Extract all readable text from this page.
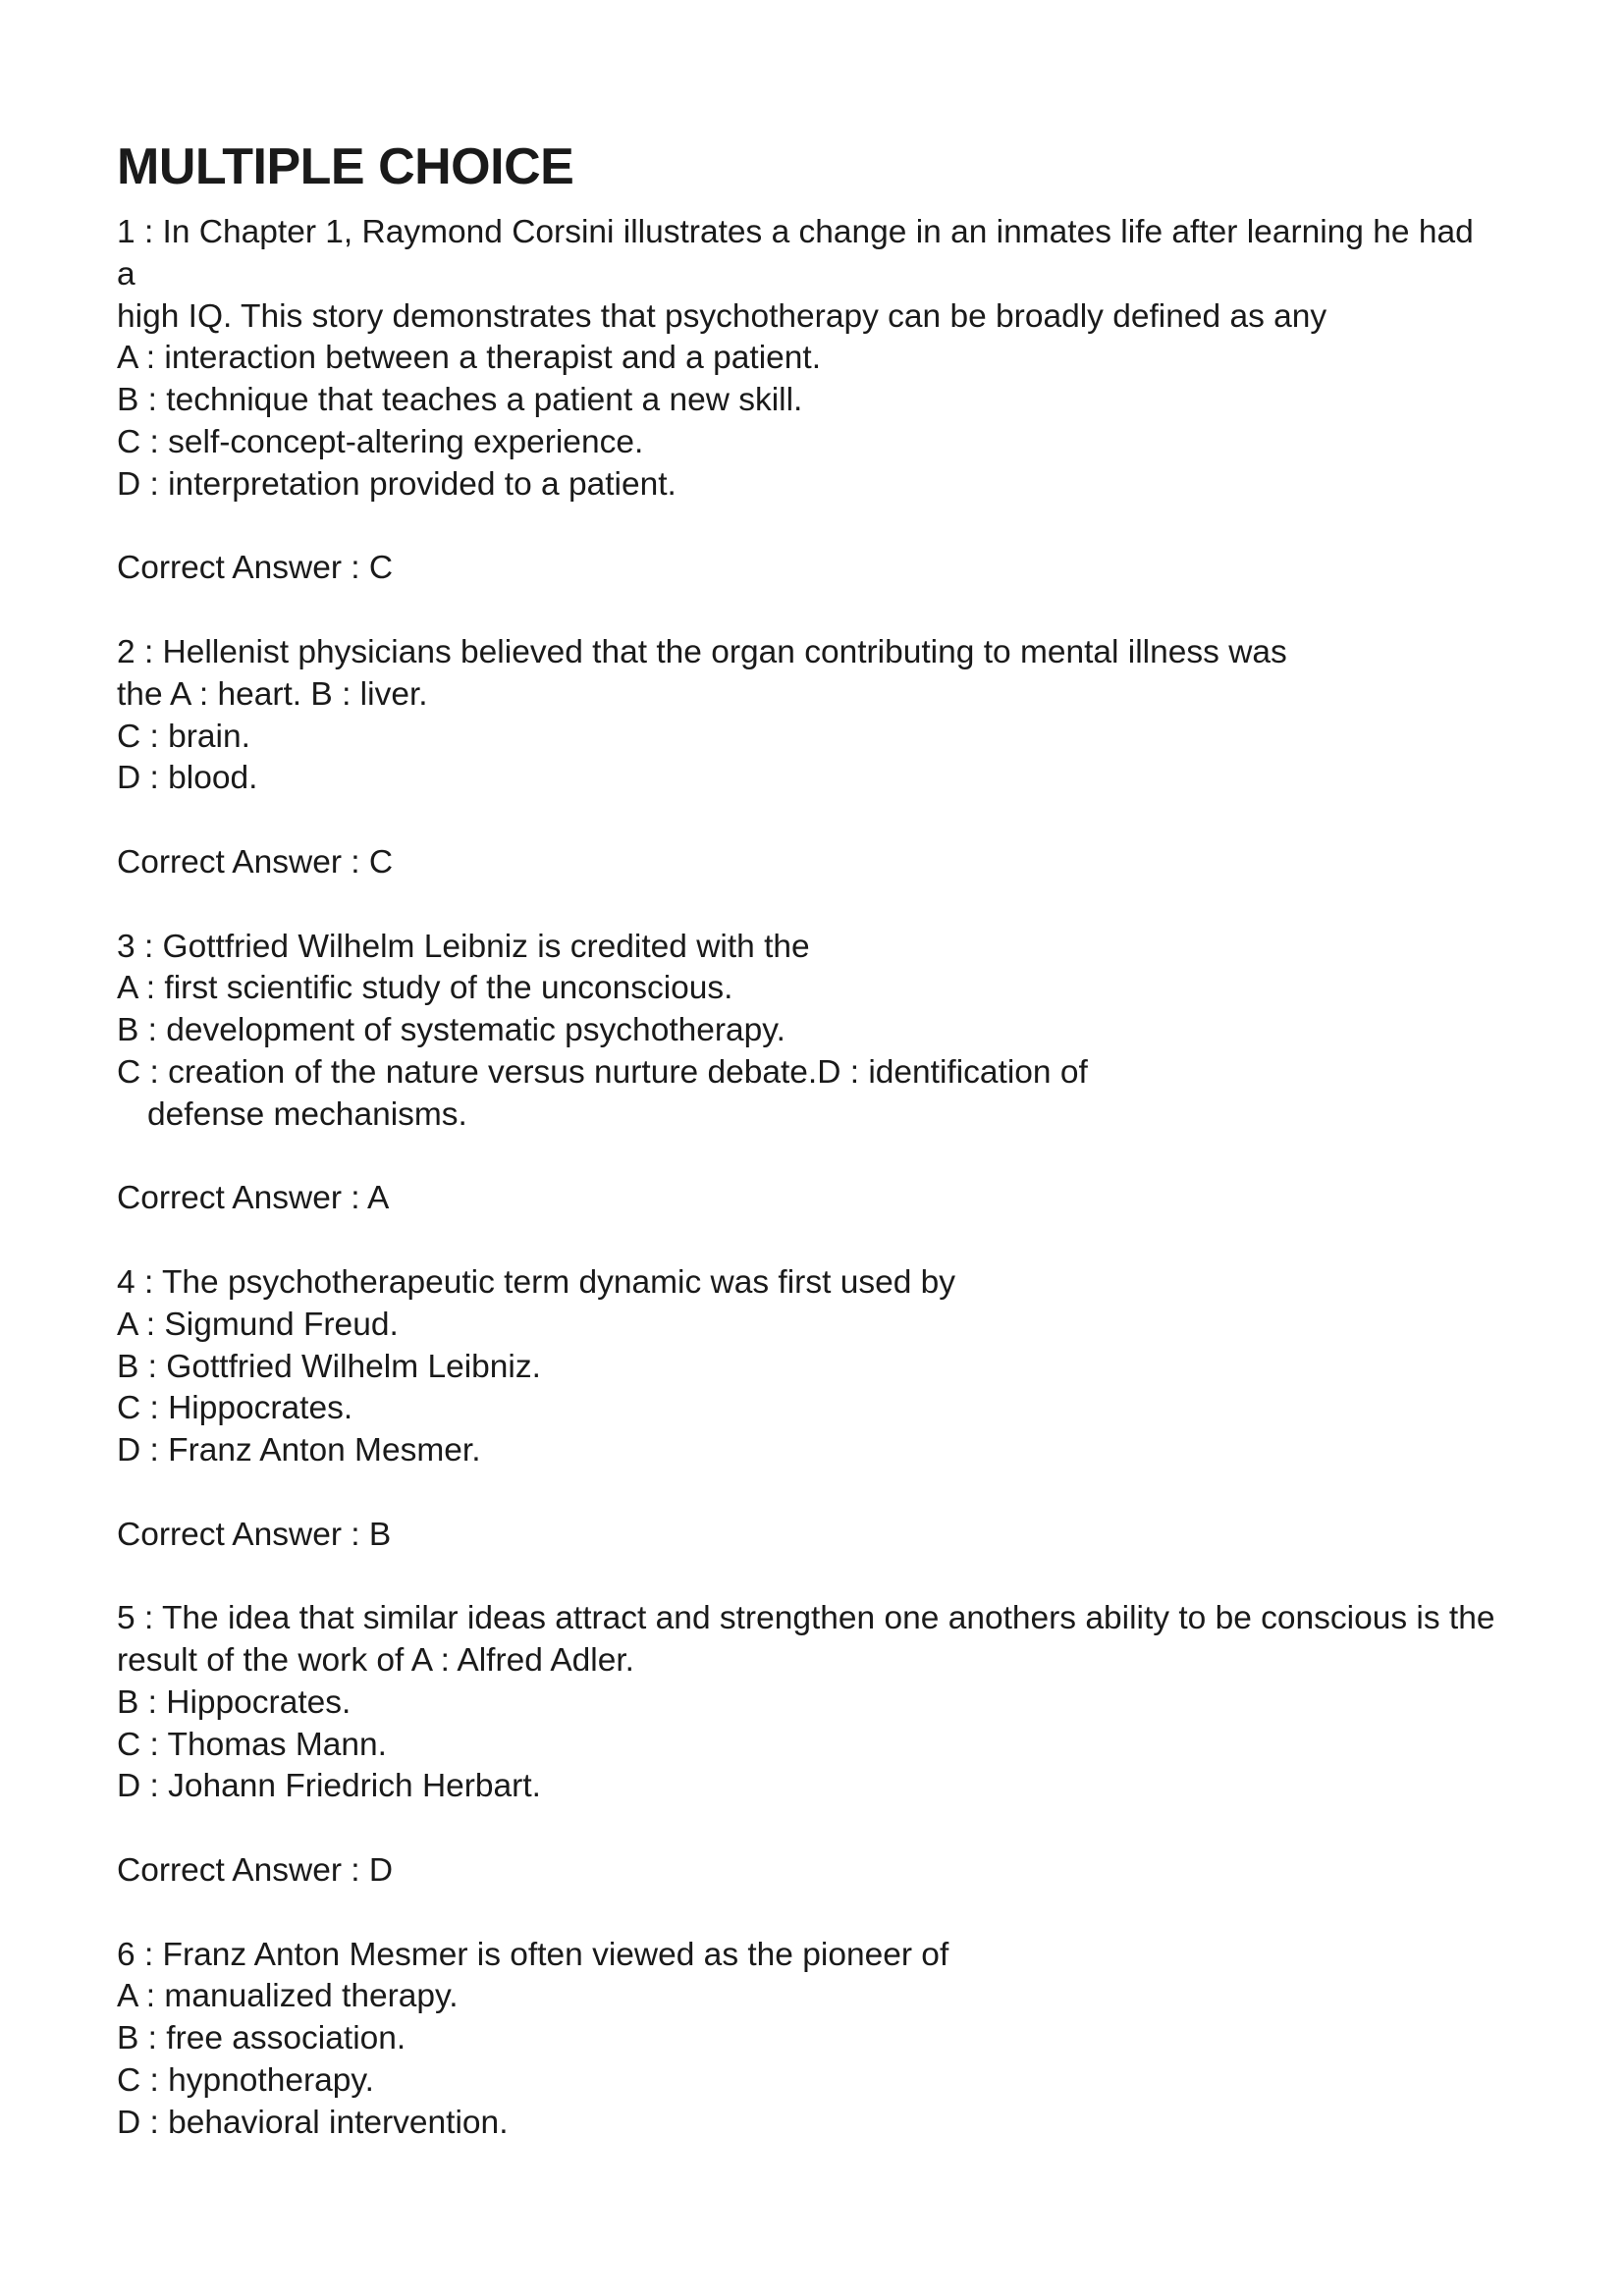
MULTIPLE CHOICE

1 : In Chapter 1, Raymond Corsini illustrates a change in an inmates life after learning he had

a

high IQ. This story demonstrates that psychotherapy can be broadly defined as any

A : interaction between a therapist and a patient.

B : technique that teaches a patient a new skill.

C : self-concept-altering experience.

D : interpretation provided to a patient.

Correct Answer : C

2 : Hellenist physicians believed that the organ contributing to mental illness was

the A : heart. B : liver.

C : brain.

D : blood.

Correct Answer : C

3 : Gottfried Wilhelm Leibniz is credited with the

A : first scientific study of the unconscious.

B : development of systematic psychotherapy.

C : creation of the nature versus nurture debate.D : identification of

defense mechanisms.

Correct Answer : A

4 : The psychotherapeutic term dynamic was first used by

A : Sigmund Freud.

B : Gottfried Wilhelm Leibniz.

C : Hippocrates.

D : Franz Anton Mesmer.

Correct Answer : B

5 : The idea that similar ideas attract and strengthen one anothers ability to be conscious is the

result of the work of A : Alfred Adler.

B : Hippocrates.

C : Thomas Mann.

D : Johann Friedrich Herbart.

Correct Answer : D

6 : Franz Anton Mesmer is often viewed as the pioneer of

A : manualized therapy.

B : free association.

C : hypnotherapy.

D : behavioral intervention.
